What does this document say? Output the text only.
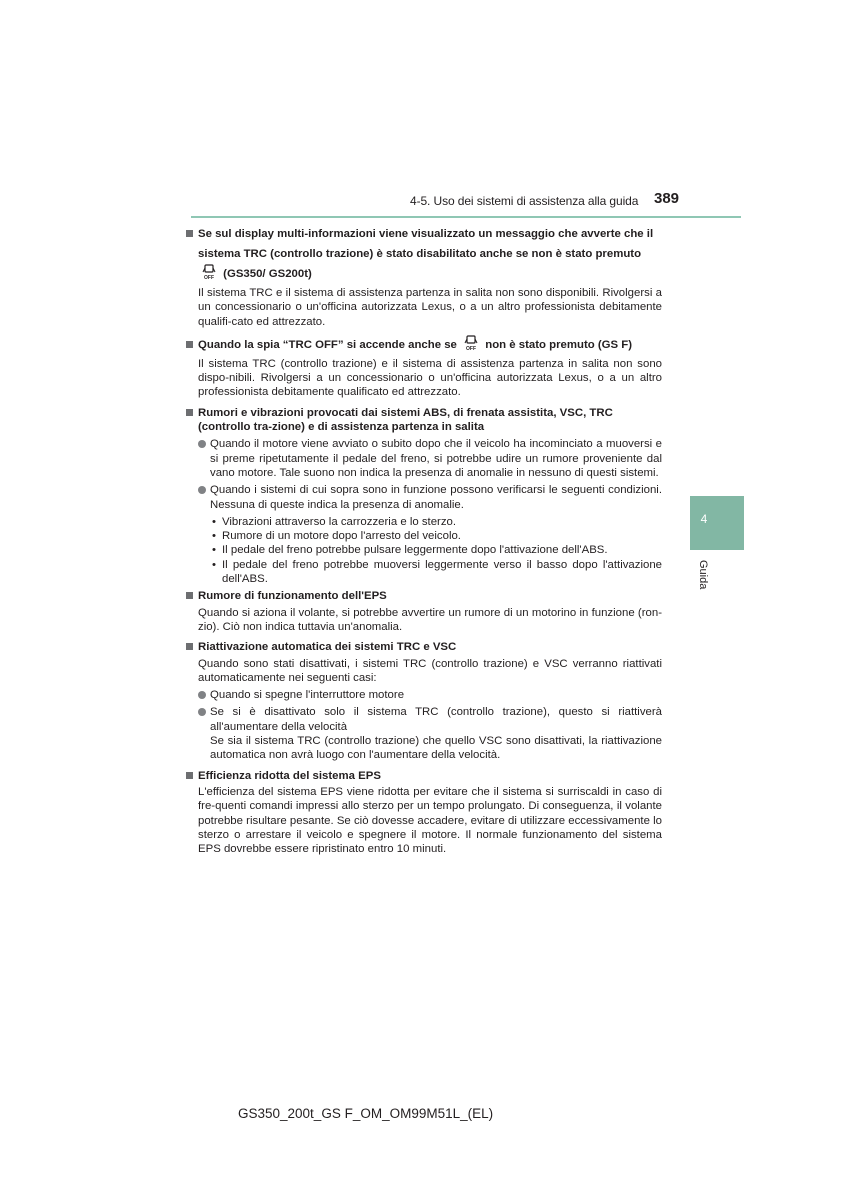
4-5. Uso dei sistemi di assistenza alla guida 389
4
Guida
Se sul display multi-informazioni viene visualizzato un messaggio che avverte che il sistema TRC (controllo trazione) è stato disabilitato anche se non è stato premuto
OFF (GS350/ GS200t)
Il sistema TRC e il sistema di assistenza partenza in salita non sono disponibili. Rivolgersi a un concessionario o un'officina autorizzata Lexus, o a un altro professionista debitamente qualifi-cato ed attrezzato.
Quando la spia “TRC OFF” si accende anche se OFF non è stato premuto (GS F)
Il sistema TRC (controllo trazione) e il sistema di assistenza partenza in salita non sono dispo-nibili. Rivolgersi a un concessionario o un'officina autorizzata Lexus, o a un altro professionista debitamente qualificato ed attrezzato.
Rumori e vibrazioni provocati dai sistemi ABS, di frenata assistita, VSC, TRC (controllo tra-zione) e di assistenza partenza in salita
Quando il motore viene avviato o subito dopo che il veicolo ha incominciato a muoversi e si preme ripetutamente il pedale del freno, si potrebbe udire un rumore proveniente dal vano motore. Tale suono non indica la presenza di anomalie in nessuno di questi sistemi.
Quando i sistemi di cui sopra sono in funzione possono verificarsi le seguenti condizioni. Nessuna di queste indica la presenza di anomalie.
• Vibrazioni attraverso la carrozzeria e lo sterzo.
• Rumore di un motore dopo l'arresto del veicolo.
• Il pedale del freno potrebbe pulsare leggermente dopo l'attivazione dell'ABS.
• Il pedale del freno potrebbe muoversi leggermente verso il basso dopo l'attivazione dell'ABS.
Rumore di funzionamento dell'EPS
Quando si aziona il volante, si potrebbe avvertire un rumore di un motorino in funzione (ron-zio). Ciò non indica tuttavia un'anomalia.
Riattivazione automatica dei sistemi TRC e VSC
Quando sono stati disattivati, i sistemi TRC (controllo trazione) e VSC verranno riattivati automaticamente nei seguenti casi:
Quando si spegne l'interruttore motore
Se si è disattivato solo il sistema TRC (controllo trazione), questo si riattiverà all'aumentare della velocità
Se sia il sistema TRC (controllo trazione) che quello VSC sono disattivati, la riattivazione automatica non avrà luogo con l'aumentare della velocità.
Efficienza ridotta del sistema EPS
L'efficienza del sistema EPS viene ridotta per evitare che il sistema si surriscaldi in caso di fre-quenti comandi impressi allo sterzo per un tempo prolungato. Di conseguenza, il volante potrebbe risultare pesante. Se ciò dovesse accadere, evitare di utilizzare eccessivamente lo sterzo o arrestare il veicolo e spegnere il motore. Il normale funzionamento del sistema EPS dovrebbe essere ripristinato entro 10 minuti.
GS350_200t_GS F_OM_OM99M51L_(EL)
